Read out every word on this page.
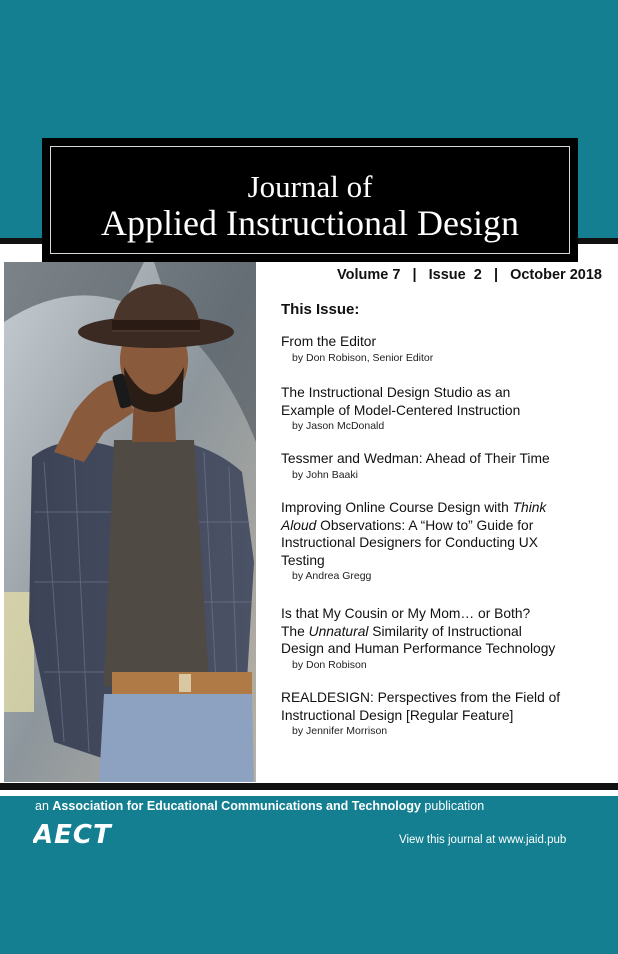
Journal of
Applied Instructional Design
Volume 7 | Issue  2 | October 2018
This Issue:
From the Editor
by Don Robison, Senior Editor
The Instructional Design Studio as an
Example of Model-Centered Instruction
by Jason McDonald
Tessmer and Wedman: Ahead of Their Time
by John Baaki
Improving Online Course Design with Think
Aloud Observations: A “How to” Guide for
Instructional Designers for Conducting UX
Testing
by Andrea Gregg
Is that My Cousin or My Mom… or Both?
The Unnatural Similarity of Instructional
Design and Human Performance Technology
by Don Robison
REALDESIGN: Perspectives from the Field of
Instructional Design [Regular Feature]
by Jennifer Morrison
an Association for Educational Communications and Technology publication
AECT	View this journal at www.jaid.pub
